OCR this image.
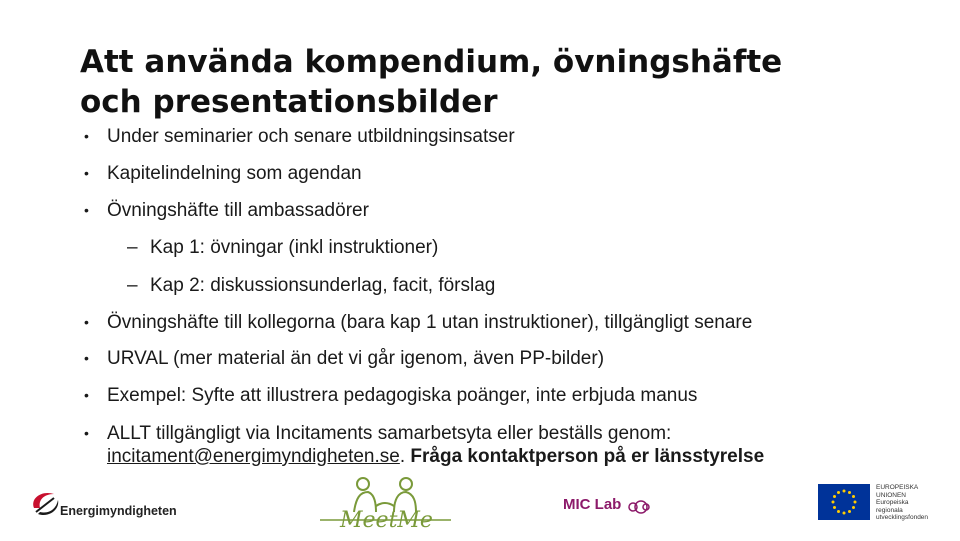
Att använda kompendium, övningshäfte
och presentationsbilder
• Under seminarier och senare utbildningsinsatser
• Kapitelindelning som agendan
• Övningshäfte till ambassadörer
– Kap 1: övningar (inkl instruktioner)
– Kap 2: diskussionsunderlag, facit, förslag
• Övningshäfte till kollegorna (bara kap 1 utan instruktioner), tillgängligt senare
• URVAL (mer material än det vi går igenom, även PP-bilder)
• Exempel: Syfte att illustrera pedagogiska poänger, inte erbjuda manus
• ALLT tillgängligt via Incitaments samarbetsyta eller beställs genom:
incitament@energimyndigheten.se. Fråga kontaktperson på er länsstyrelse
Energimyndigheten	MeetMe
MIC Lab
EUROPEISKA
UNIONEN
Europeiska
regionala
utvecklingsfonden
